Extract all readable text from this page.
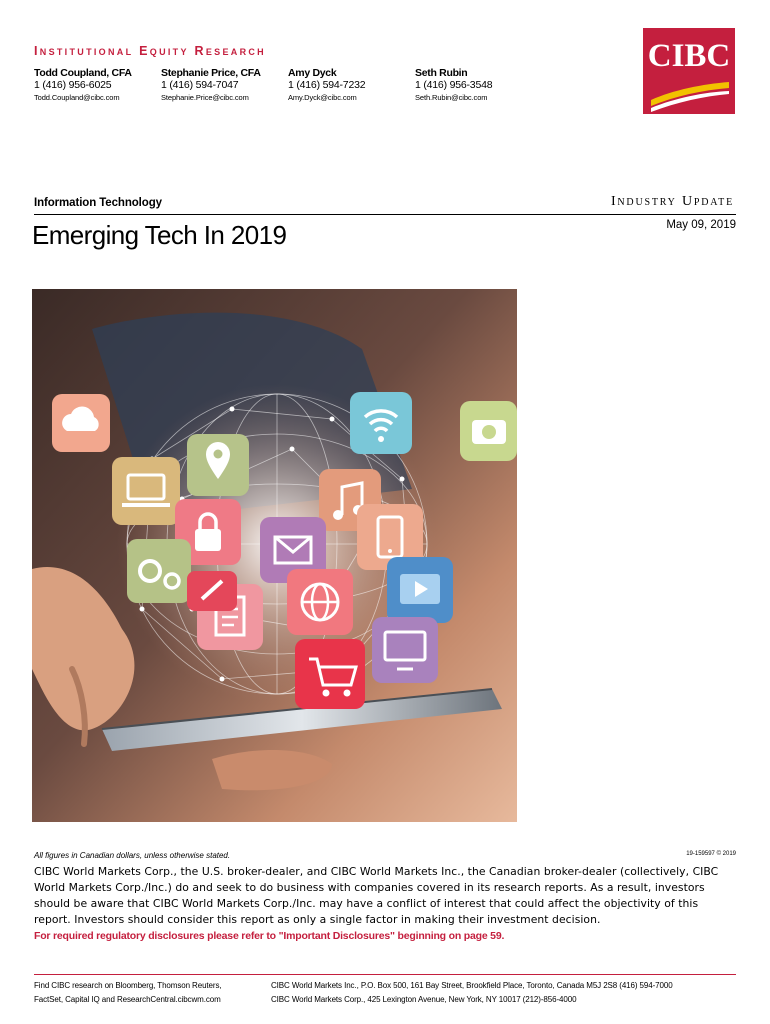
Institutional Equity Research
Todd Coupland, CFA
1 (416) 956-6025
Todd.Coupland@cibc.com
Stephanie Price, CFA
1 (416) 594-7047
Stephanie.Price@cibc.com
Amy Dyck
1 (416) 594-7232
Amy.Dyck@cibc.com
Seth Rubin
1 (416) 956-3548
Seth.Rubin@cibc.com
CIBC
Information Technology	Industry Update
Emerging Tech In 2019	May 09, 2019
All figures in Canadian dollars, unless otherwise stated.	19-159597 © 2019

CIBC World Markets Corp., the U.S. broker-dealer, and CIBC World Markets Inc., the Canadian broker-dealer (collectively, CIBC World Markets Corp./Inc.) do and seek to do business with companies covered in its research reports. As a result, investors should be aware that CIBC World Markets Corp./Inc. may have a conflict of interest that could affect the objectivity of this report. Investors should consider this report as only a single factor in making their investment decision.

For required regulatory disclosures please refer to "Important Disclosures" beginning on page 59.
Find CIBC research on Bloomberg, Thomson Reuters,
FactSet, Capital IQ and ResearchCentral.cibcwm.com
CIBC World Markets Inc., P.O. Box 500, 161 Bay Street, Brookfield Place, Toronto, Canada M5J 2S8 (416) 594-7000
CIBC World Markets Corp., 425 Lexington Avenue, New York, NY 10017 (212)-856-4000
